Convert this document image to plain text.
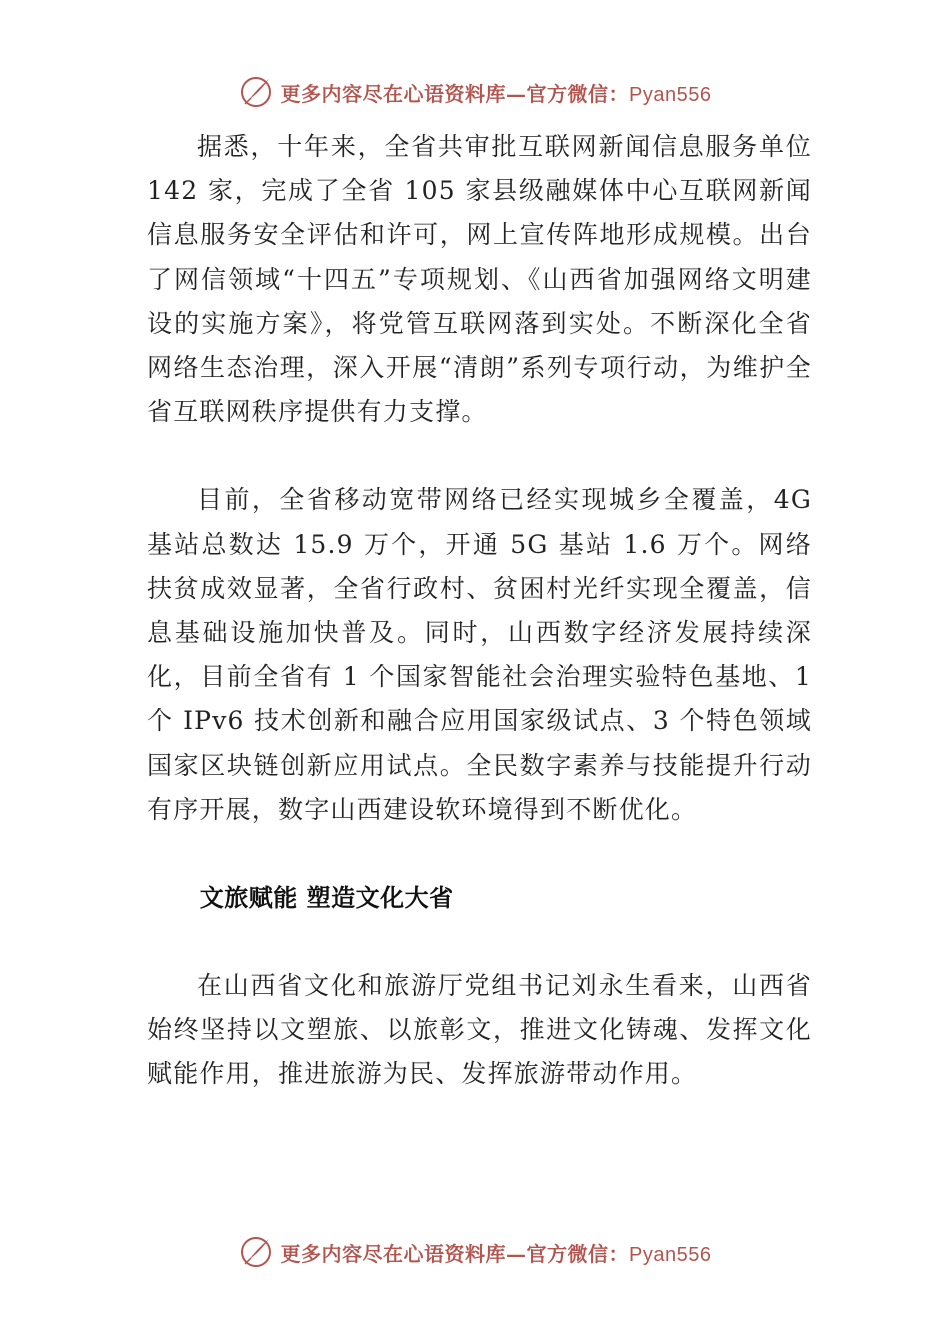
更多内容尽在心语资料库—官方微信：Pyan556

据悉，十年来，全省共审批互联网新闻信息服务单位 142 家，完成了全省 105 家县级融媒体中心互联网新闻信息服务安全评估和许可，网上宣传阵地形成规模。出台了网信领域“十四五”专项规划、《山西省加强网络文明建设的实施方案》，将党管互联网落到实处。不断深化全省网络生态治理，深入开展“清朗”系列专项行动，为维护全省互联网秩序提供有力支撑。

目前，全省移动宽带网络已经实现城乡全覆盖，4G 基站总数达 15.9 万个，开通 5G 基站 1.6 万个。网络扶贫成效显著，全省行政村、贫困村光纤实现全覆盖，信息基础设施加快普及。同时，山西数字经济发展持续深化，目前全省有 1 个国家智能社会治理实验特色基地、1 个 IPv6 技术创新和融合应用国家级试点、3 个特色领域国家区块链创新应用试点。全民数字素养与技能提升行动有序开展，数字山西建设软环境得到不断优化。

文旅赋能 塑造文化大省

在山西省文化和旅游厅党组书记刘永生看来，山西省始终坚持以文塑旅、以旅彰文，推进文化铸魂、发挥文化赋能作用，推进旅游为民、发挥旅游带动作用。

更多内容尽在心语资料库—官方微信：Pyan556
